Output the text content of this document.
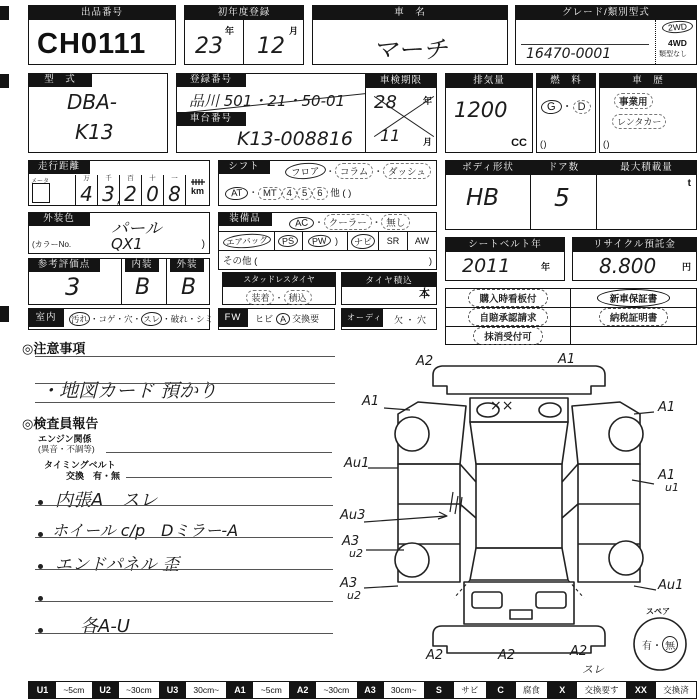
出品番号
CH0111
初年度登録
年
23
月
12
車　名
マーチ
グレード/類別型式
16470-0001
2WD
4WD
類型なし
型　式
DBA-
K13
登録番号
品川 501・21・50-01
車台番号
K13-008816
車検期限
28	年
11	月
排気量
1200
CC
燃　料
G ・ D
( )
車　歴
事業用
レンタカー
( )
走行距離
メータ	万
4
千
3
百
2
十
0
一
8
,	km
シフト	フロア ・ コラム ・ ダッシュ
AT ・ MT 4 5 6 他 ( )
外装色
パール
(カラーNo.	QX1	)
装備品	AC ・ クーラー ・ 無し
エアバッグ	PS	PW )	ナビ	SR	AW
その他 (	)
参考評価点	内装	外装
3 B B	スタッドレスタイヤ
装着 ・ 積込
タイヤ積込
本
室内	汚れ ・コゲ・穴・ スレ ・破れ・シミ	FW	ヒビ A 交換要	オーディオ 欠 ・ 穴
ボディ形状	ドア数	最大積載量
HB 5	t
シートベルト年
2011	年
リサイクル預託金
8.800	円
購入時看板付	新車保証書
自賠承認請求	納税証明書
抹消受付可
◎注意事項
・地図カード 預かり
◎検査員報告
エンジン関係
(異音・不調等)
タイミングベルト
交換　有・無
内張A　スレ
ホイール c/p　Dミラー-A
エンドパネル 歪
各A-U
A2	A1
A1	A1
Au1
A1
u1
Au3
A3
u2
A3
u2
Au1
××
A2	A2	A2
スレ
スペア
有・ 無
U1	~5cm	U2	~30cm	U3	30cm~	A1	~5cm	A2	~30cm	A3	30cm~	S	サビ	C	腐食	X	交換要す	XX	交換済
